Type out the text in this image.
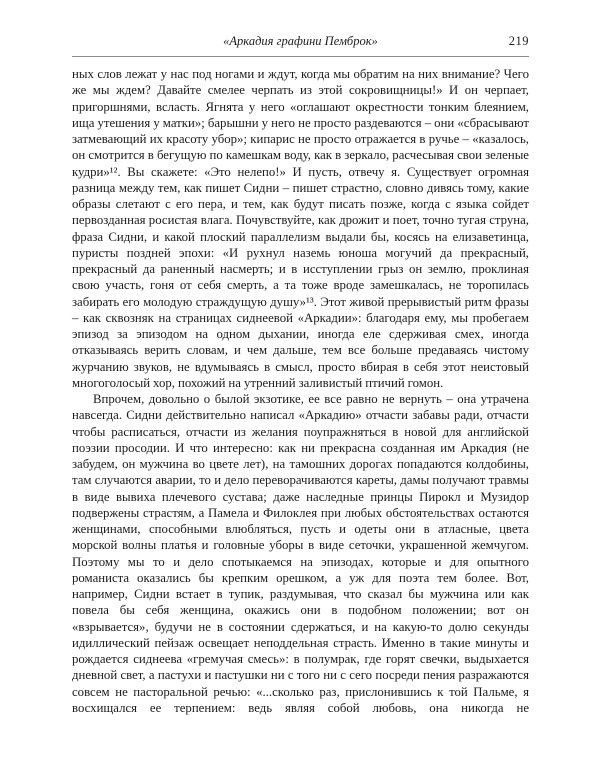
«Аркадия графини Пемброк»	219

ных слов лежат у нас под ногами и ждут, когда мы обратим на них внимание? Чего же мы ждем? Давайте смелее черпать из этой сокровищницы!» И он черпает, пригоршнями, всласть. Ягнята у него «оглашают окрестности тонким блеянием, ища утешения у матки»; барышни у него не просто раздеваются – они «сбрасывают затмевающий их красоту убор»; кипарис не просто отражается в ручье – «казалось, он смотрится в бегущую по камешкам воду, как в зеркало, расчесывая свои зеленые кудри»¹². Вы скажете: «Это нелепо!» И пусть, отвечу я. Существует огромная разница между тем, как пишет Сидни – пишет страстно, словно дивясь тому, какие образы слетают с его пера, и тем, как будут писать позже, когда с языка сойдет первозданная росистая влага. Почувствуйте, как дрожит и поет, точно тугая струна, фраза Сидни, и какой плоский параллелизм выдали бы, косясь на елизаветинца, пуристы поздней эпохи: «И рухнул наземь юноша могучий да прекрасный, прекрасный да раненный насмерть; и в исступлении грыз он землю, проклиная свою участь, гоня от себя смерть, а та тоже вроде замешкалась, не торопилась забирать его молодую страждущую душу»¹³. Этот живой прерывистый ритм фразы – как сквозняк на страницах сиднеевой «Аркадии»: благодаря ему, мы пробегаем эпизод за эпизодом на одном дыхании, иногда еле сдерживая смех, иногда отказываясь верить словам, и чем дальше, тем все больше предаваясь чистому журчанию звуков, не вдумываясь в смысл, просто вбирая в себя этот неистовый многоголосый хор, похожий на утренний заливистый птичий гомон.

Впрочем, довольно о былой экзотике, ее все равно не вернуть – она утрачена навсегда. Сидни действительно написал «Аркадию» отчасти забавы ради, отчасти чтобы расписаться, отчасти из желания поупражняться в новой для английской поэзии просодии. И что интересно: как ни прекрасна созданная им Аркадия (не забудем, он мужчина во цвете лет), на тамошних дорогах попадаются колдобины, там случаются аварии, то и дело переворачиваются кареты, дамы получают травмы в виде вывиха плечевого сустава; даже наследные принцы Пирокл и Музидор подвержены страстям, а Памела и Филоклея при любых обстоятельствах остаются женщинами, способными влюбляться, пусть и одеты они в атласные, цвета морской волны платья и головные уборы в виде сеточки, украшенной жемчугом. Поэтому мы то и дело спотыкаемся на эпизодах, которые и для опытного романиста оказались бы крепким орешком, а уж для поэта тем более. Вот, например, Сидни встает в тупик, раздумывая, что сказал бы мужчина или как повела бы себя женщина, окажись они в подобном положении; вот он «взрывается», будучи не в состоянии сдержаться, и на какую-то долю секунды идиллический пейзаж освещает неподдельная страсть. Именно в такие минуты и рождается сиднеева «гремучая смесь»: в полумрак, где горят свечки, выдыхается дневной свет, а пастухи и пастушки ни с того ни с сего посреди пения разражаются совсем не пасторальной речью: «...сколько раз, прислонившись к той Пальме, я восхищался ее терпением: ведь являя собой любовь, она никогда не
